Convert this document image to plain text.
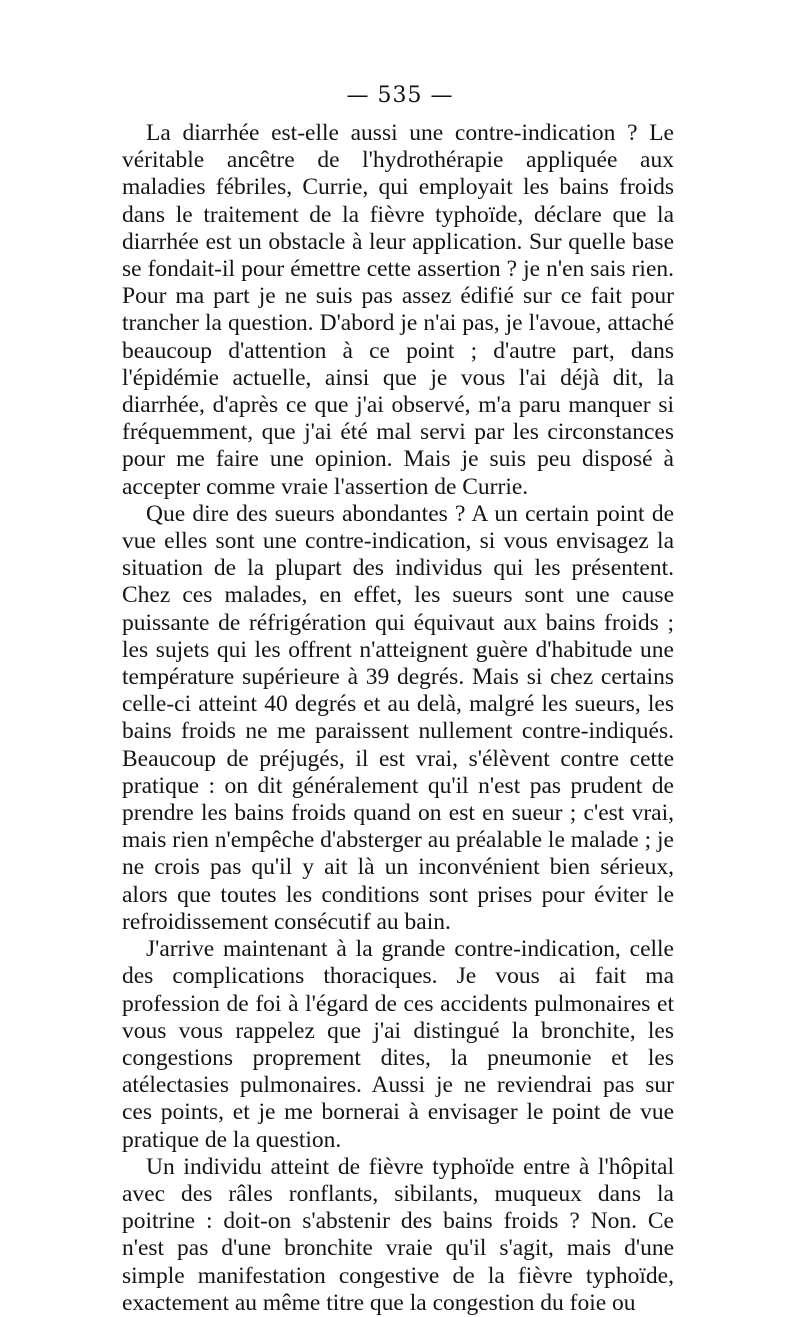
— 535 —

La diarrhée est-elle aussi une contre-indication ? Le véritable ancêtre de l'hydrothérapie appliquée aux maladies fébriles, Currie, qui employait les bains froids dans le traitement de la fièvre typhoïde, déclare que la diarrhée est un obstacle à leur application. Sur quelle base se fondait-il pour émettre cette assertion ? je n'en sais rien. Pour ma part je ne suis pas assez édifié sur ce fait pour trancher la question. D'abord je n'ai pas, je l'avoue, attaché beaucoup d'attention à ce point ; d'autre part, dans l'épidémie actuelle, ainsi que je vous l'ai déjà dit, la diarrhée, d'après ce que j'ai observé, m'a paru manquer si fréquemment, que j'ai été mal servi par les circonstances pour me faire une opinion. Mais je suis peu disposé à accepter comme vraie l'assertion de Currie.

Que dire des sueurs abondantes ? A un certain point de vue elles sont une contre-indication, si vous envisagez la situation de la plupart des individus qui les présentent. Chez ces malades, en effet, les sueurs sont une cause puissante de réfrigération qui équivaut aux bains froids ; les sujets qui les offrent n'atteignent guère d'habitude une température supérieure à 39 degrés. Mais si chez certains celle-ci atteint 40 degrés et au delà, malgré les sueurs, les bains froids ne me paraissent nullement contre-indiqués. Beaucoup de préjugés, il est vrai, s'élèvent contre cette pratique : on dit généralement qu'il n'est pas prudent de prendre les bains froids quand on est en sueur ; c'est vrai, mais rien n'empêche d'absterger au préalable le malade ; je ne crois pas qu'il y ait là un inconvénient bien sérieux, alors que toutes les conditions sont prises pour éviter le refroidissement consécutif au bain.

J'arrive maintenant à la grande contre-indication, celle des complications thoraciques. Je vous ai fait ma profession de foi à l'égard de ces accidents pulmonaires et vous vous rappelez que j'ai distingué la bronchite, les congestions proprement dites, la pneumonie et les atélectasies pulmonaires. Aussi je ne reviendrai pas sur ces points, et je me bornerai à envisager le point de vue pratique de la question.

Un individu atteint de fièvre typhoïde entre à l'hôpital avec des râles ronflants, sibilants, muqueux dans la poitrine : doit-on s'abstenir des bains froids ? Non. Ce n'est pas d'une bronchite vraie qu'il s'agit, mais d'une simple manifestation congestive de la fièvre typhoïde, exactement au même titre que la congestion du foie ou
